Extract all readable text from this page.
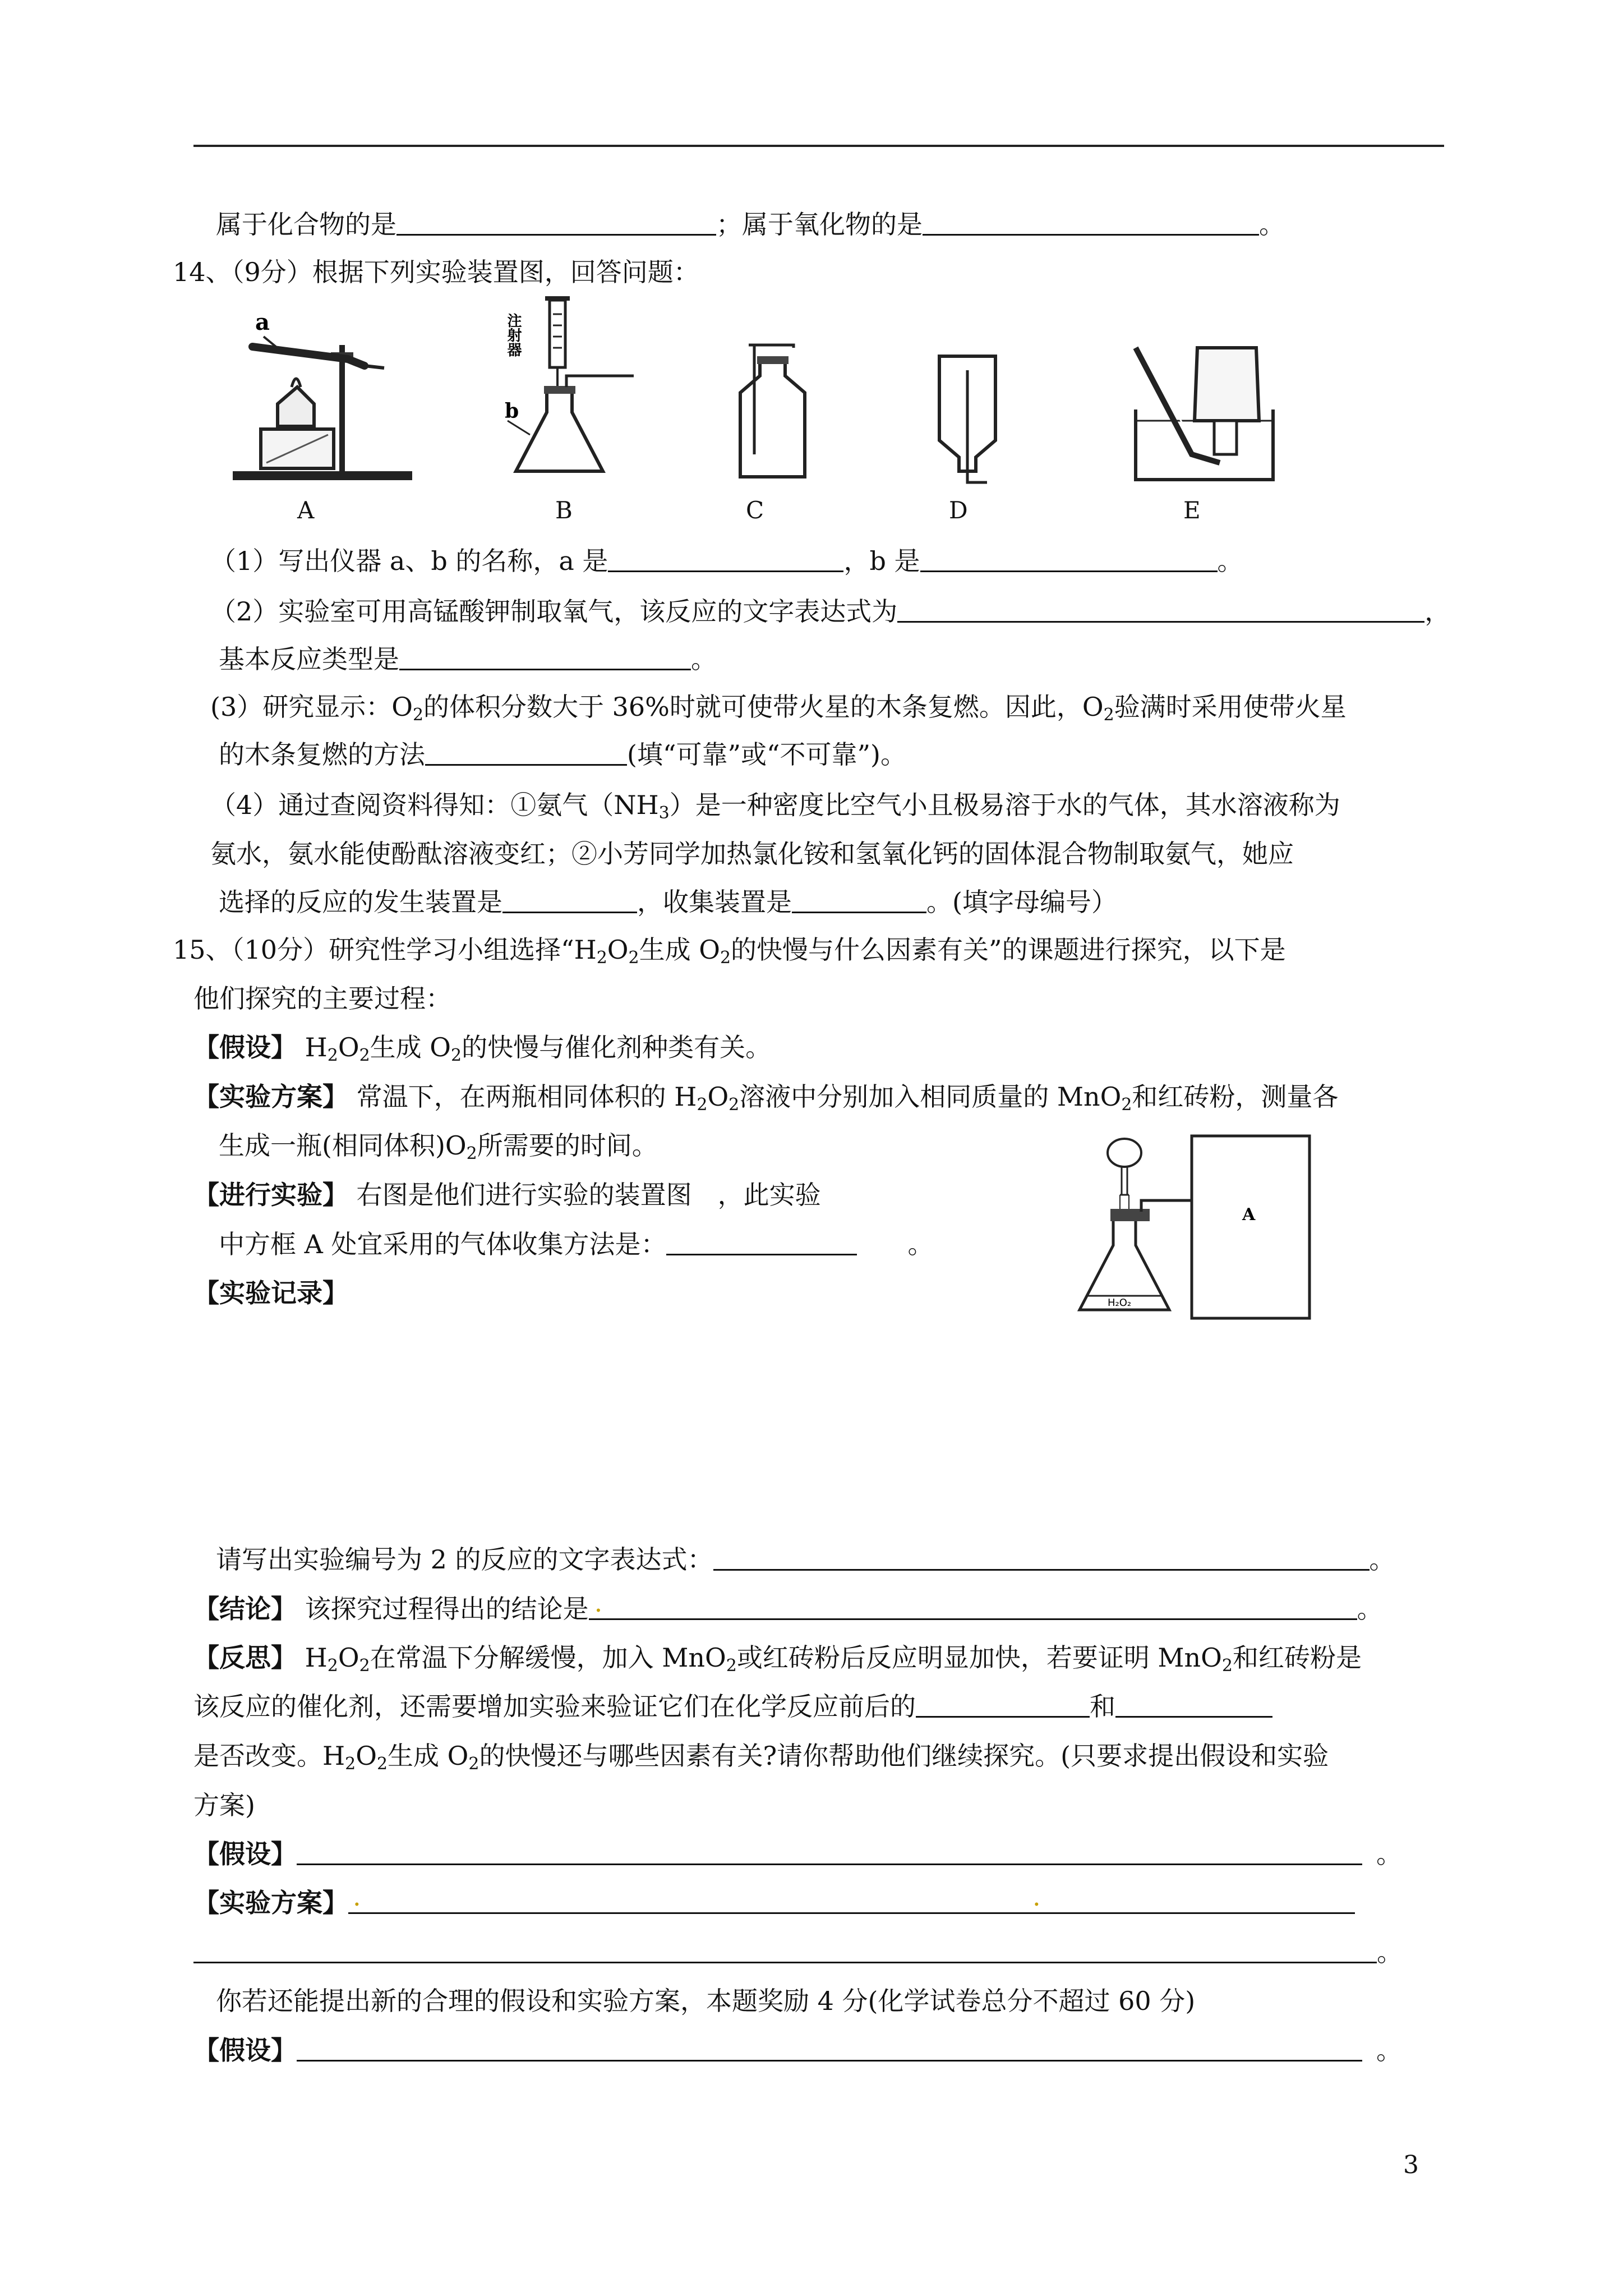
属于化合物的是	；属于氧化物的是	。
14、（9分）根据下列实验装置图，回答问题：
a
A
注射器
b
B	C	D	E
（1）写出仪器 a、b 的名称，a 是	，b 是	。
（2）实验室可用高锰酸钾制取氧气，该反应的文字表达式为	，
基本反应类型是	。
(3）研究显示：$O_2$的体积分数大于 36%时就可使带火星的木条复燃。因此，$O_2$验满时采用使带火星
的木条复燃的方法	(填“可靠”或“不可靠”)。
（4）通过查阅资料得知：①氨气$(NH_3)$是一种密度比空气小且极易溶于水的气体，其水溶液称为
氨水，氨水能使酚酞溶液变红；②小芳同学加热氯化铵和氢氧化钙的固体混合物制取氨气，她应
选择的反应的发生装置是	，收集装置是	。(填字母编号）
15、（10分）研究性学习小组选择“$H_2O_2$生成 $O_2$的快慢与什么因素有关”的课题进行探究，以下是
他们探究的主要过程：
【假设】 $H_2O_2$生成 $O_2$的快慢与催化剂种类有关。
【实验方案】 常温下，在两瓶相同体积的 $H_2O_2$溶液中分别加入相同质量的 MnO$_2$和红砖粉，测量各
生成一瓶(相同体积)$O_2$所需要的时间。
【进行实验】 右图是他们进行实验的装置图　，此实验
中方框 A 处宜采用的气体收集方法是：	。
【实验记录】
A
H₂O₂
请写出实验编号为 2 的反应的文字表达式：	。
【结论】 该探究过程得出的结论是 .	。
【反思】 $H_2O_2$在常温下分解缓慢，加入 MnO$_2$或红砖粉后反应明显加快，若要证明 MnO$_2$和红砖粉是
该反应的催化剂，还需要增加实验来验证它们在化学反应前后的	和
是否改变。$H_2O_2$生成 $O_2$的快慢还与哪些因素有关?请你帮助他们继续探究。(只要求提出假设和实验
方案)
【假设】	。
【实验方案】 .	.
。
你若还能提出新的合理的假设和实验方案，本题奖励 4 分(化学试卷总分不超过 60 分)
【假设】	。
3
